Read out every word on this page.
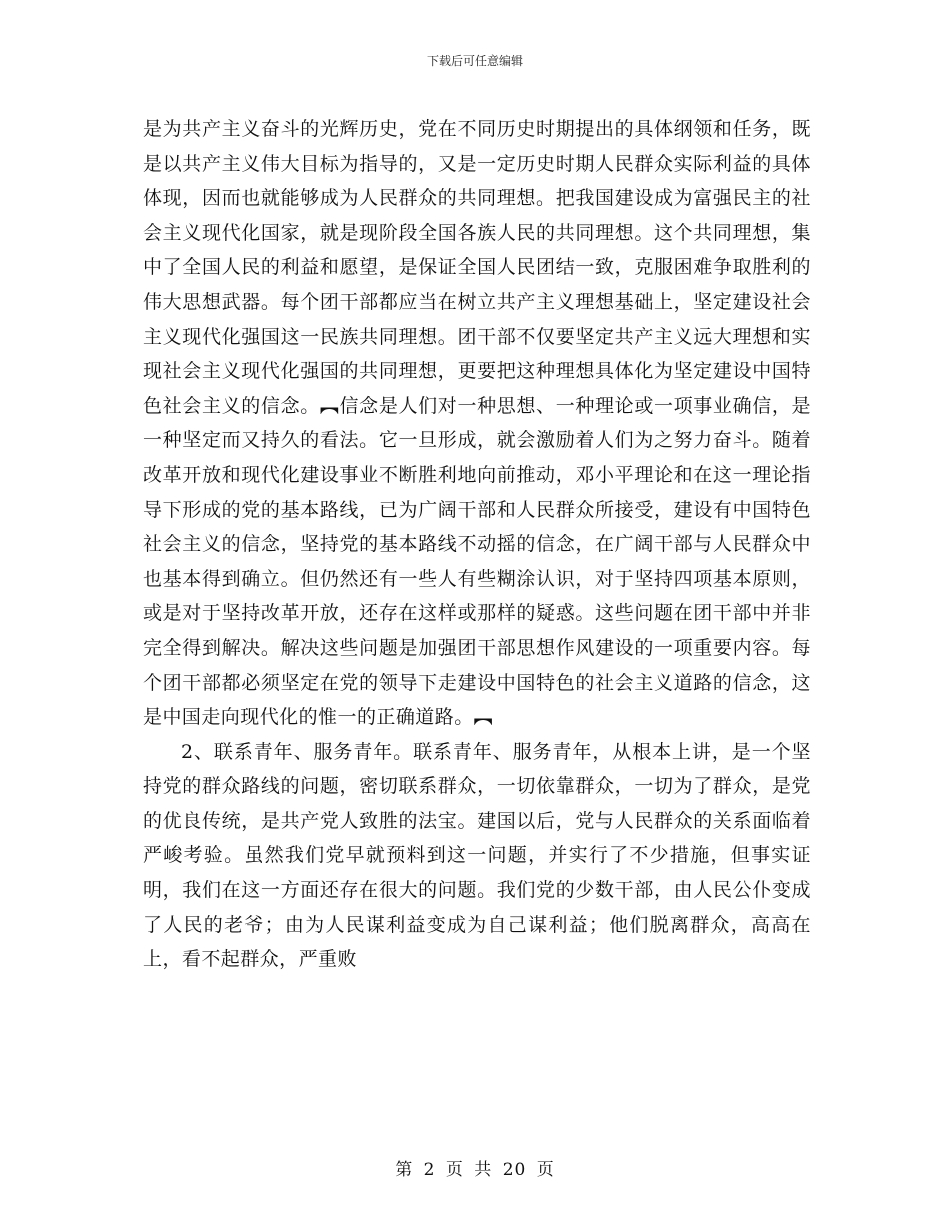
下载后可任意编辑

是为共产主义奋斗的光辉历史，党在不同历史时期提出的具体纲领和任务，既是以共产主义伟大目标为指导的，又是一定历史时期人民群众实际利益的具体体现，因而也就能够成为人民群众的共同理想。把我国建设成为富强民主的社会主义现代化国家，就是现阶段全国各族人民的共同理想。这个共同理想，集中了全国人民的利益和愿望，是保证全国人民团结一致，克服困难争取胜利的伟大思想武器。每个团干部都应当在树立共产主义理想基础上，坚定建设社会主义现代化强国这一民族共同理想。团干部不仅要坚定共产主义远大理想和实现社会主义现代化强国的共同理想，更要把这种理想具体化为坚定建设中国特色社会主义的信念。︻信念是人们对一种思想、一种理论或一项事业确信，是一种坚定而又持久的看法。它一旦形成，就会激励着人们为之努力奋斗。随着改革开放和现代化建设事业不断胜利地向前推动，邓小平理论和在这一理论指导下形成的党的基本路线，已为广阔干部和人民群众所接受，建设有中国特色社会主义的信念，坚持党的基本路线不动摇的信念，在广阔干部与人民群众中也基本得到确立。但仍然还有一些人有些糊涂认识，对于坚持四项基本原则，或是对于坚持改革开放，还存在这样或那样的疑惑。这些问题在团干部中并非完全得到解决。解决这些问题是加强团干部思想作风建设的一项重要内容。每个团干部都必须坚定在党的领导下走建设中国特色的社会主义道路的信念，这是中国走向现代化的惟一的正确道路。︻

2、联系青年、服务青年。联系青年、服务青年，从根本上讲，是一个坚持党的群众路线的问题，密切联系群众，一切依靠群众，一切为了群众，是党的优良传统，是共产党人致胜的法宝。建国以后，党与人民群众的关系面临着严峻考验。虽然我们党早就预料到这一问题，并实行了不少措施，但事实证明，我们在这一方面还存在很大的问题。我们党的少数干部，由人民公仆变成了人民的老爷；由为人民谋利益变成为自己谋利益；他们脱离群众，高高在上，看不起群众，严重败

第 2 页 共 20 页
